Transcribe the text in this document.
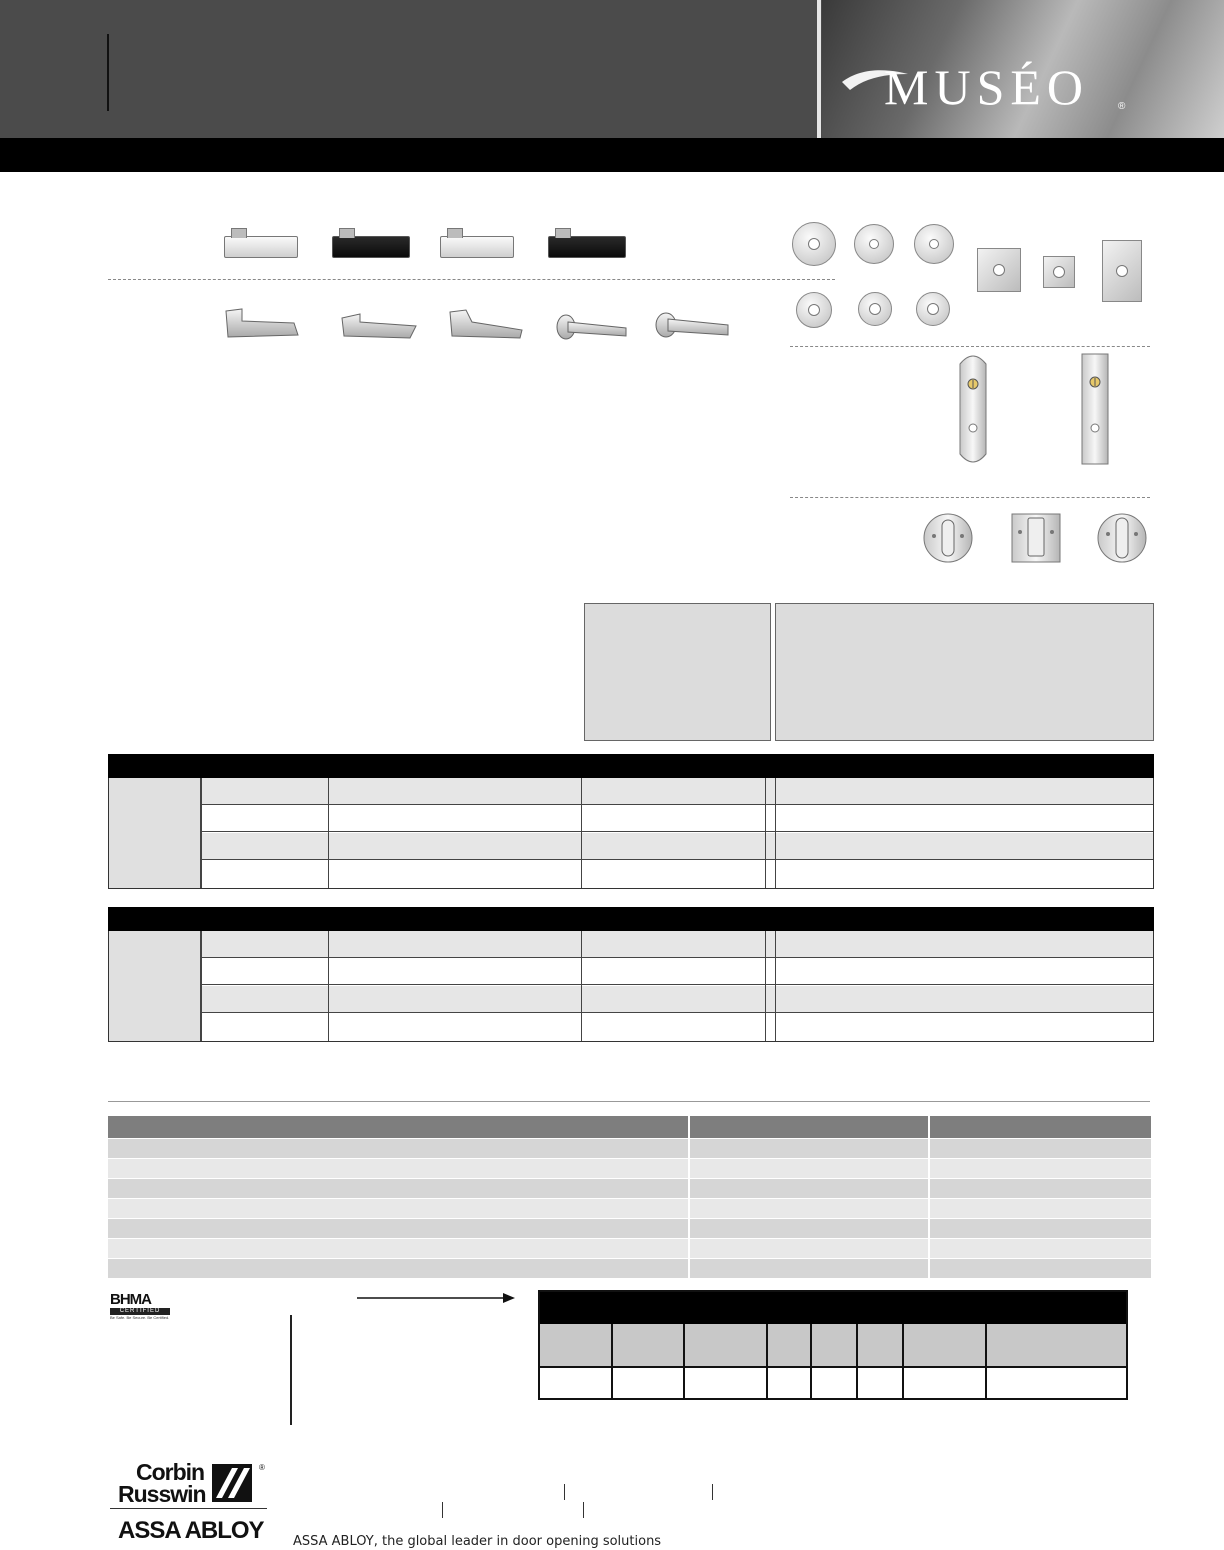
MUSÉO	®
BHMA
CERTIFIED
Be Safe. Be Secure. Be Certified.
Corbin
Russwin
®
ASSA ABLOY ASSA ABLOY, the global leader in door opening solutions
